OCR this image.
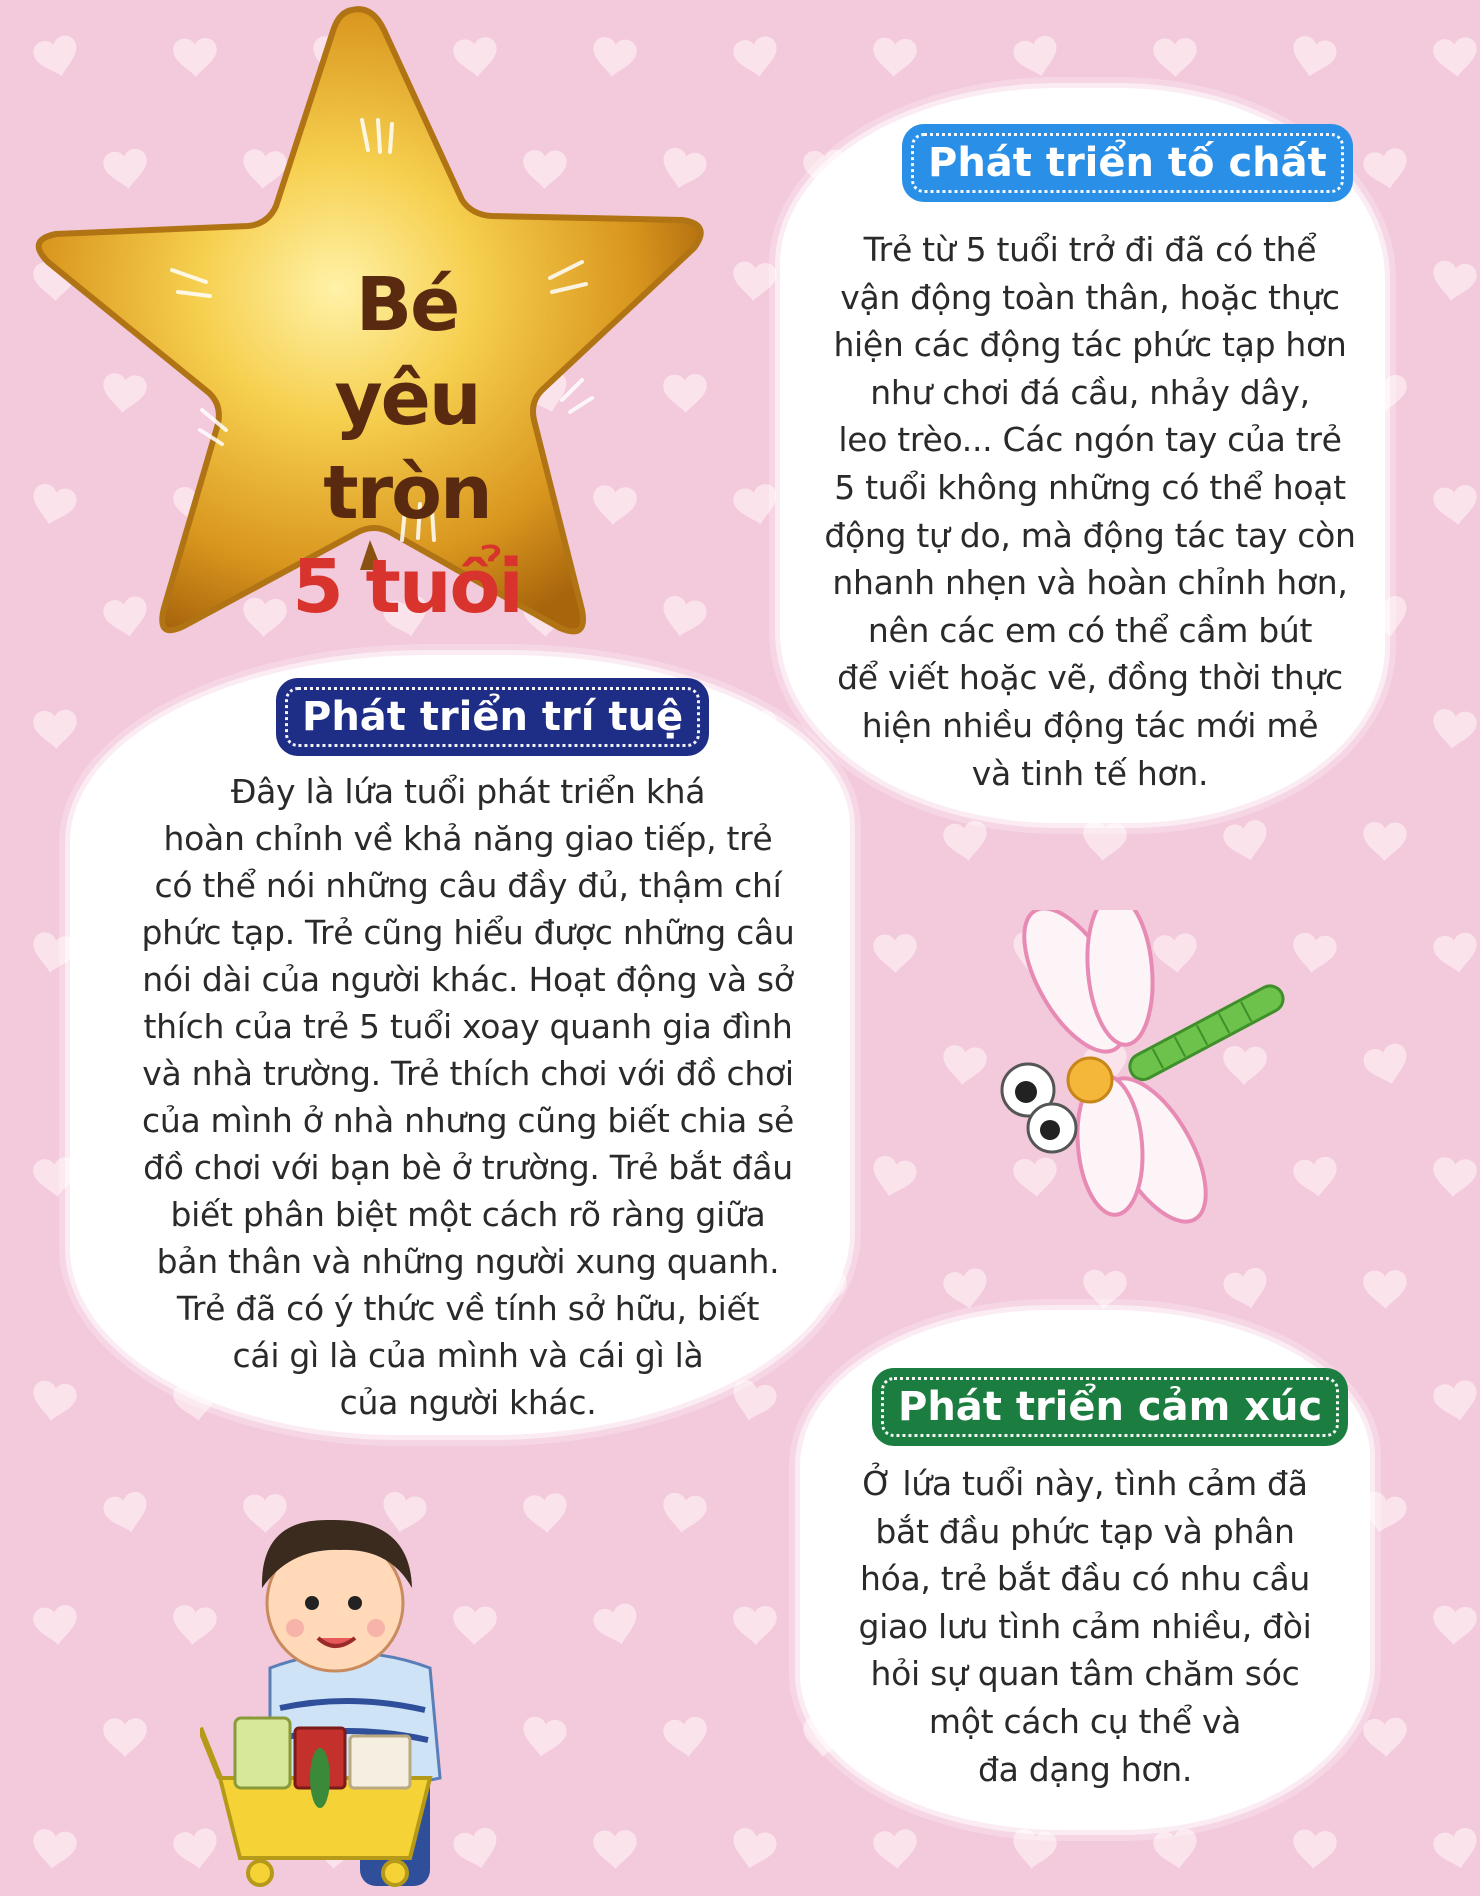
Bé yêu
tròn
5 tuổi
Phát triển tố chất
Trẻ từ 5 tuổi trở đi đã có thể
vận động toàn thân, hoặc thực
hiện các động tác phức tạp hơn
như chơi đá cầu, nhảy dây,
leo trèo... Các ngón tay của trẻ
5 tuổi không những có thể hoạt
động tự do, mà động tác tay còn
nhanh nhẹn và hoàn chỉnh hơn,
nên các em có thể cầm bút
để viết hoặc vẽ, đồng thời thực
hiện nhiều động tác mới mẻ
và tinh tế hơn.
Phát triển trí tuệ
Đây là lứa tuổi phát triển khá
hoàn chỉnh về khả năng giao tiếp, trẻ
có thể nói những câu đầy đủ, thậm chí
phức tạp. Trẻ cũng hiểu được những câu
nói dài của người khác. Hoạt động và sở
thích của trẻ 5 tuổi xoay quanh gia đình
và nhà trường. Trẻ thích chơi với đồ chơi
của mình ở nhà nhưng cũng biết chia sẻ
đồ chơi với bạn bè ở trường. Trẻ bắt đầu
biết phân biệt một cách rõ ràng giữa
bản thân và những người xung quanh.
Trẻ đã có ý thức về tính sở hữu, biết
cái gì là của mình và cái gì là
của người khác.	Phát triển cảm xúc
Ở lứa tuổi này, tình cảm đã
bắt đầu phức tạp và phân
hóa, trẻ bắt đầu có nhu cầu
giao lưu tình cảm nhiều, đòi
hỏi sự quan tâm chăm sóc
một cách cụ thể và
đa dạng hơn.
